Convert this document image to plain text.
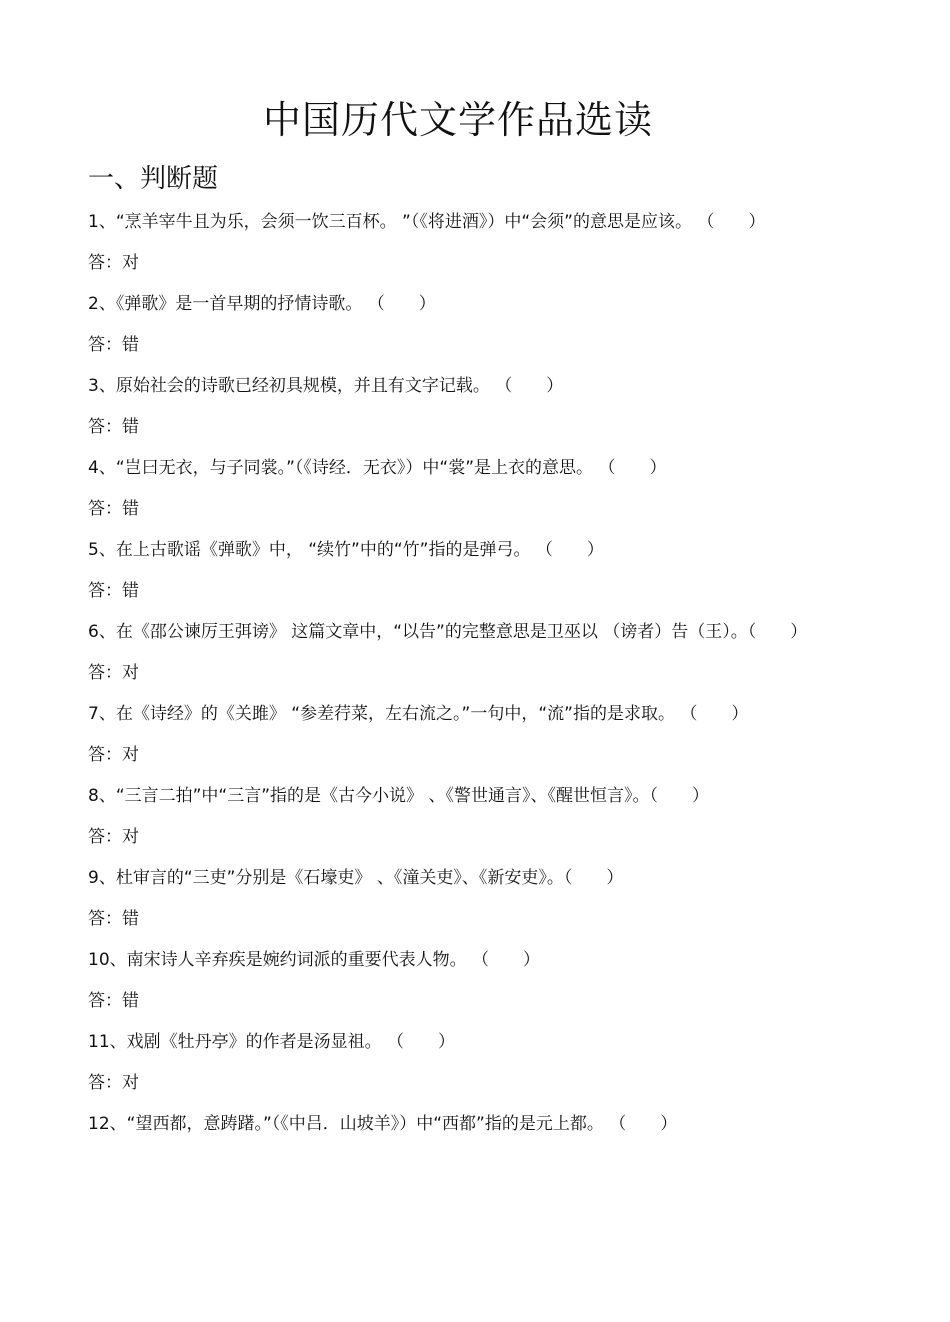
中国历代文学作品选读
一、判断题
1、“烹羊宰牛且为乐，会须一饮三百杯。 ”（《将进酒》）中“会须”的意思是应该。 （　　）
答：对
2、《弹歌》是一首早期的抒情诗歌。 （　　）
答：错
3、原始社会的诗歌已经初具规模，并且有文字记载。 （　　）
答：错
4、“岂曰无衣，与子同裳。”（《诗经．无衣》）中“裳”是上衣的意思。 （　　）
答：错
5、在上古歌谣《弹歌》中， “续竹”中的“竹”指的是弹弓。 （　　）
答：错
6、在《邵公谏厉王弭谤》 这篇文章中，“以告”的完整意思是卫巫以 （谤者）告（王）。（　　）
答：对
7、在《诗经》的《关雎》 “参差荇菜，左右流之。”一句中，“流”指的是求取。 （　　）
答：对
8、“三言二拍”中“三言”指的是《古今小说》 、《警世通言》、《醒世恒言》。（　　）
答：对
9、杜审言的“三吏”分别是《石壕吏》 、《潼关吏》、《新安吏》。（　　）
答：错
10、南宋诗人辛弃疾是婉约词派的重要代表人物。 （　　）
答：错
11、戏剧《牡丹亭》的作者是汤显祖。 （　　）
答：对
12、“望西都，意踌躇。”（《中吕．山坡羊》）中“西都”指的是元上都。 （　　）
